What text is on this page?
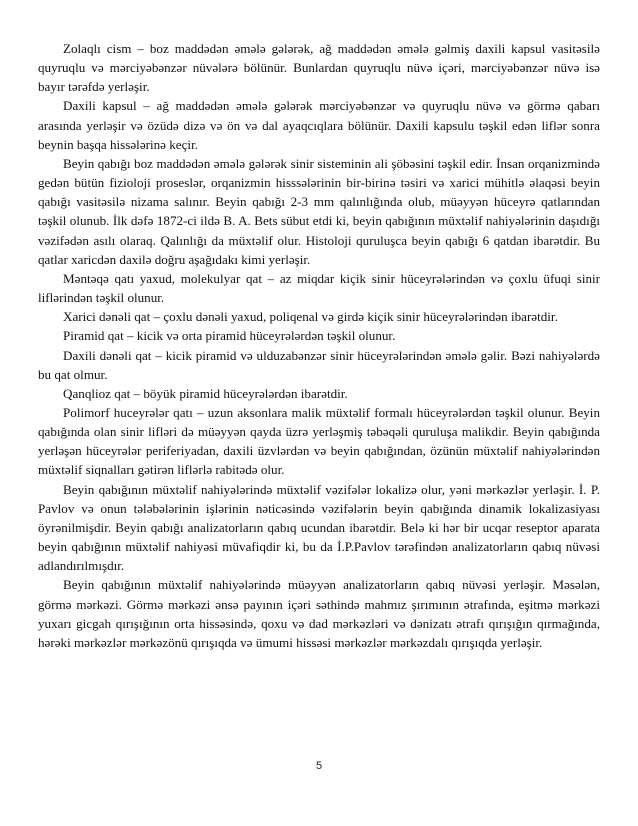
Zolaqlı cism – boz maddədən əmələ gələrək, ağ maddədən əmələ gəlmiş daxili kapsul vasitəsilə quyruqlu və mərciyəbənzər nüvələrə bölünür. Bunlardan quyruqlu nüvə içəri, mərciyəbənzər nüvə isə bayır tərəfdə yerləşir.

Daxili kapsul – ağ maddədən əmələ gələrək mərciyəbənzər və quyruqlu nüvə və görmə qabarı arasında yerləşir və özüdə dizə və ön və dal ayaqcıqlara bölünür. Daxili kapsulu təşkil edən liflər sonra beynin başqa hissələrinə keçir.

Beyin qabığı boz maddədən əmələ gələrək sinir sisteminin ali şöbəsini təşkil edir. İnsan orqanizmində gedən bütün fizioloji proseslər, orqanizmin hisssələrinin bir-birinə təsiri və xarici mühitlə əlaqəsi beyin qabığı vasitəsilə nizama salınır. Beyin qabığı 2-3 mm qalınlığında olub, müəyyən hüceyrə qatlarından təşkil olunub. İlk dəfə 1872-ci ildə B. A. Bets sübut etdi ki, beyin qabığının müxtəlif nahiyələrinin daşıdığı vəzifədən asılı olaraq. Qalınlığı da müxtəlif olur. Histoloji quruluşca beyin qabığı 6 qatdan ibarətdir. Bu qatlar xaricdən daxilə doğru aşağıdakı kimi yerləşir.

Məntəqə qatı yaxud, molekulyar qat – az miqdar kiçik sinir hüceyrələrindən və çoxlu üfuqi sinir liflərindən təşkil olunur.

Xarici dənəli qat – çoxlu dənəli yaxud, poliqenal və girdə kiçik sinir hüceyrələrindən ibarətdir.

Piramid qat – kicik və orta piramid hüceyrələrdən təşkil olunur.

Daxili dənəli qat – kicik piramid və ulduzabənzər sinir hüceyrələrindən əmələ gəlir. Bəzi nahiyələrdə bu qat olmur.

Qanqlioz qat – böyük piramid hüceyrələrdən ibarətdir.

Polimorf huceyrələr qatı – uzun aksonlara malik müxtəlif formalı hüceyrələrdən təşkil olunur. Beyin qabığında olan sinir lifləri də müəyyən qayda üzrə yerləşmiş təbəqəli quruluşa malikdir. Beyin qabığında yerləşən hüceyrələr periferiyadan, daxili üzvlərdən və beyin qabığından, özünün müxtəlif nahiyələrindən müxtəlif siqnalları gətirən liflərlə rabitədə olur.

Beyin qabığının müxtəlif nahiyələrində müxtəlif vəzifələr lokalizə olur, yəni mərkəzlər yerləşir. İ. P. Pavlov və onun tələbələrinin işlərinin nəticəsində vəzifələrin beyin qabığında dinamik lokalizasiyası öyrənilmişdir. Beyin qabığı analizatorların qabıq ucundan ibarətdir. Belə ki hər bir ucqar reseptor aparata beyin qabığının müxtəlif nahiyəsi müvafiqdir ki, bu da İ.P.Pavlov tərəfindən analizatorların qabıq nüvəsi adlandırılmışdır.

Beyin qabığının müxtəlif nahiyələrində müəyyən analizatorların qabıq nüvəsi yerləşir. Məsələn, görmə mərkəzi. Görmə mərkəzi ənsə payının içəri səthində mahmız şırımının ətrafında, eşitmə mərkəzi yuxarı gicgah qırışığının orta hissəsində, qoxu və dad mərkəzləri və dənizatı ətrafı qırışığın qırmağında, hərəki mərkəzlər mərkəzönü qırışıqda və ümumi hissəsi mərkəzlər mərkəzdalı qırışıqda yerləşir.

5
